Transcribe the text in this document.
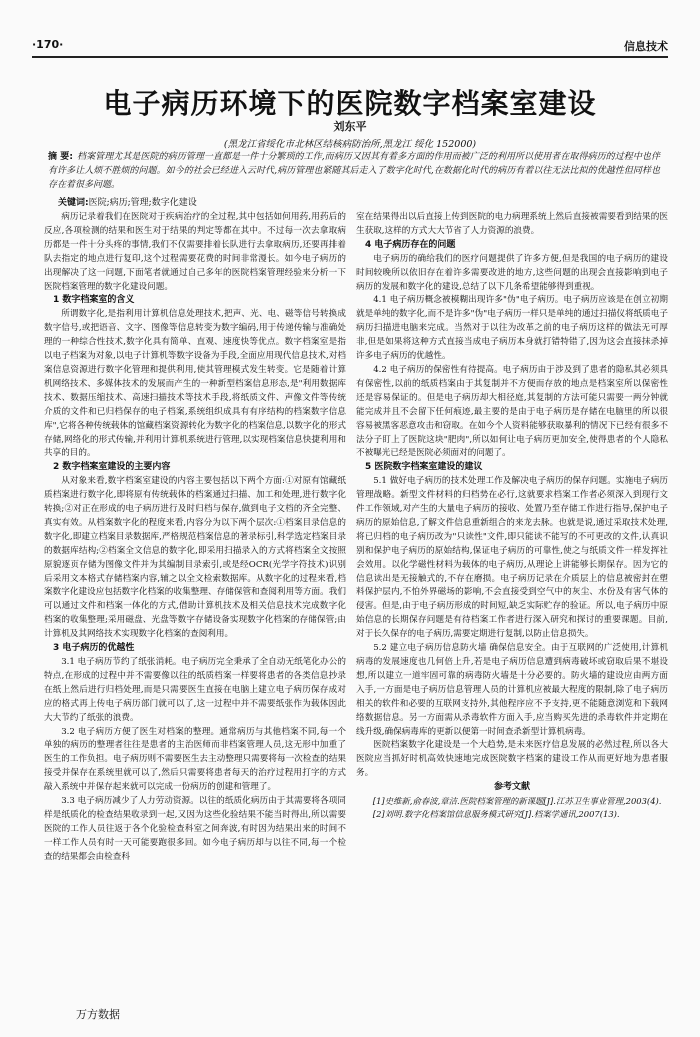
·170·	信息技术
电子病历环境下的医院数字档案室建设
刘东平
(黑龙江省绥化市北林区结核病防治所,黑龙江 绥化 152000)
摘 要: 档案管理尤其是医院的病历管理一直都是一件十分繁琐的工作,而病历又因其有着多方面的作用而被广泛的利用所以使用者在取得病历的过程中也伴有许多让人烦不胜烦的问题。如今的社会已经进入云时代,病历管理也紧随其后走入了数字化时代,在数据化时代的病历有着以往无法比拟的优越性但同样也存在着很多问题。
关键词:医院;病历;管理;数字化建设

病历记录着我们在医院对于疾病治疗的全过程,其中包括如何用药,用药后的反应,各项检测的结果和医生对于结果的判定等都在其中。不过每一次去拿取病历都是一件十分头疼的事情,我们不仅需要排着长队进行去拿取病历,还要再排着队去指定的地点进行复印,这个过程需要花费的时间非常漫长。如今电子病历的出现解决了这一问题,下面笔者就通过自己多年的医院档案管理经验来分析一下医院档案管理的数字化建设问题。

1 数字档案室的含义

所谓数字化,是指利用计算机信息处理技术,把声、光、电、磁等信号转换成数字信号,或把语音、文字、图像等信息转变为数字编码,用于传递传输与准确处理的一种综合性技术,数字化具有简单、直观、速度快等优点。数字档案室是指以电子档案为对象,以电子计算机等数字设备为手段,全面应用现代信息技术,对档案信息资源进行数字化管理和提供利用,使其管理模式发生转变。它是随着计算机网络技术、多媒体技术的发展而产生的一种新型档案信息形态,是"利用数据库技术、数据压缩技术、高速扫描技术等技术手段,将纸质文件、声像文件等传统介质的文件和已归档保存的电子档案,系统组织成具有有序结构的档案数字信息库",它将各种传统载体的馆藏档案资源转化为数字化的档案信息,以数字化的形式存储,网络化的形式传输,并利用计算机系统进行管理,以实现档案信息快捷利用和共享的目的。

2 数字档案室建设的主要内容

从对象来看,数字档案室建设的内容主要包括以下两个方面:①对原有馆藏纸质档案进行数字化,即将原有传统载体的档案通过扫描、加工和处理,进行数字化转换;②对正在形成的电子病历进行及时归档与保存,做到电子文档的齐全完整、真实有效。从档案数字化的程度来看,内容分为以下两个层次:①档案目录信息的数字化,即建立档案目录数据库,严格规范档案信息的著录标引,科学选定档案目录的数据库结构;②档案全文信息的数字化,即采用扫描录入的方式将档案全文按照原貌逐页存储为图像文件并为其编制目录索引,或是经OCR(光学字符技术)识别后采用文本格式存储档案内容,辅之以全文检索数据库。从数字化的过程来看,档案数字化建设应包括数字化档案的收集整理、存储保管和查阅利用等方面。我们可以通过文件和档案一体化的方式,借助计算机技术及相关信息技术完成数字化档案的收集整理;采用磁盘、光盘等数字存储设备实现数字化档案的存储保管;由计算机及其网络技术实现数字化档案的查阅利用。

3 电子病历的优越性

3.1 电子病历节约了纸张消耗。电子病历完全秉承了全自动无纸笔化办公的特点,在形成的过程中并不需要像以往的纸质档案一样要将患者的各类信息抄录在纸上然后进行归档处理,而是只需要医生直接在电脑上建立电子病历保存成对应的格式再上传电子病历部门就可以了,这一过程中并不需要纸张作为载体因此大大节约了纸张的浪费。

3.2 电子病历方便了医生对档案的整理。通常病历与其他档案不同,每一个单独的病历的整理者往往是患者的主治医师而非档案管理人员,这无形中加重了医生的工作负担。电子病历则不需要医生去主动整理只需要将每一次检查的结果接受并保存在系统里就可以了,然后只需要将患者每天的治疗过程用打字的方式敲入系统中并保存起来就可以完成一份病历的创建和管理了。

3.3 电子病历减少了人力劳动资源。以往的纸质化病历由于其需要将各项同样是纸质化的检查结果收录到一起,又因为这些化验结果不能当时得出,所以需要医院的工作人员往返于各个化验检查科室之间奔波,有时因为结果出来的时间不一样工作人员有时一天可能要跑很多回。如今电子病历却与以往不同,每一个检查的结果都会由检查科

室在结果得出以后直接上传到医院的电力病理系统上然后直接被需要看到结果的医生获取,这样的方式大大节省了人力资源的浪费。

4 电子病历存在的问题

电子病历的确给我们的医疗问题提供了许多方便,但是我国的电子病历的建设时间较晚所以依旧存在着许多需要改进的地方,这些问题的出现会直接影响到电子病历的发展和数字化的建设,总结了以下几条希望能够得到重视。

4.1 电子病历概念被模糊出现许多"伪"电子病历。电子病历应该是在创立初期就是单纯的数字化,而不是许多"伪"电子病历一样只是单纯的通过扫描仪将纸质电子病历扫描进电脑来完成。当然对于以往为改革之前的电子病历这样的做法无可厚非,但是如果将这种方式直接当成电子病历本身就打错特错了,因为这会直接抹杀掉许多电子病历的优越性。

4.2 电子病历的保密性有待提高。电子病历由于涉及到了患者的隐私其必须具有保密性,以前的纸质档案由于其复制并不方便而存放的地点是档案室所以保密性还是容易保证的。但是电子病历却大相径庭,其复制的方法可能只需要一两分钟就能完成并且不会留下任何痕迹,最主要的是由于电子病历是存储在电脑里的所以很容易被黑客恶意攻击和窃取。在如今个人资料能够获取暴利的情况下已经有很多不法分子盯上了医院这块"肥肉",所以如何让电子病历更加安全,使得患者的个人隐私不被曝光已经是医院必须面对的问题了。

5 医院数字档案室建设的建议

5.1 做好电子病历的技术处理工作及解决电子病历的保存问题。实施电子病历管理战略。新型文件材料的归档势在必行,这就要求档案工作者必须深入到现行文件工作领域,对产生的大量电子病历的接收、处置乃至存储工作进行指导,保护电子病历的原始信息,了解文件信息重新组合的来龙去脉。也就是说,通过采取技术处理,将已归档的电子病历改为"只读性"文件,即只能读不能写的不可更改的文件,认真识别和保护电子病历的原始结构,保证电子病历的可靠性,使之与纸质文件一样发挥社会效用。以化学磁性材料为载体的电子病历,从理论上讲能够长期保存。因为它的信息读出是无接触式的,不存在磨损。电子病历记录在介质层上的信息被密封在塑料保护层内,不怕外界磁场的影响,不会直接受到空气中的灰尘、水份及有害气体的侵害。但是,由于电子病历形成的时间短,缺乏实际贮存的验证。所以,电子病历中原始信息的长期保存问题是有待档案工作者进行深入研究和探讨的重要课题。目前,对于长久保存的电子病历,需要定期进行复制,以防止信息损失。

5.2 建立电子病历信息防火墙 确保信息安全。由于互联网的广泛使用,计算机病毒的发展速度也几何倍上升,若是电子病历信息遭到病毒破坏或窃取后果不堪设想,所以建立一道牢固可靠的病毒防火墙是十分必要的。防火墙的建设应由两方面入手,一方面是电子病历信息管理人员的计算机应被最大程度的限制,除了电子病历相关的软件和必要的互联网支持外,其他程序应不予支持,更不能随意浏览和下载网络数据信息。另一方面需从杀毒软件方面入手,应当购买先进的杀毒软件并定期在线升级,确保病毒库的更新以便第一时间查杀新型计算机病毒。

医院档案数字化建设是一个大趋势,是未来医疗信息发展的必然过程,所以各大医院应当抓好时机高效快速地完成医院数字档案的建设工作从而更好地为患者服务。

参考文献

[1]史维新,俞春波,章洁.医院档案管理的新课题[J].江苏卫生事业管理,2003(4).

[2]刘明.数字化档案馆信息服务模式研究[J].档案学通讯,2007(13).

万方数据
